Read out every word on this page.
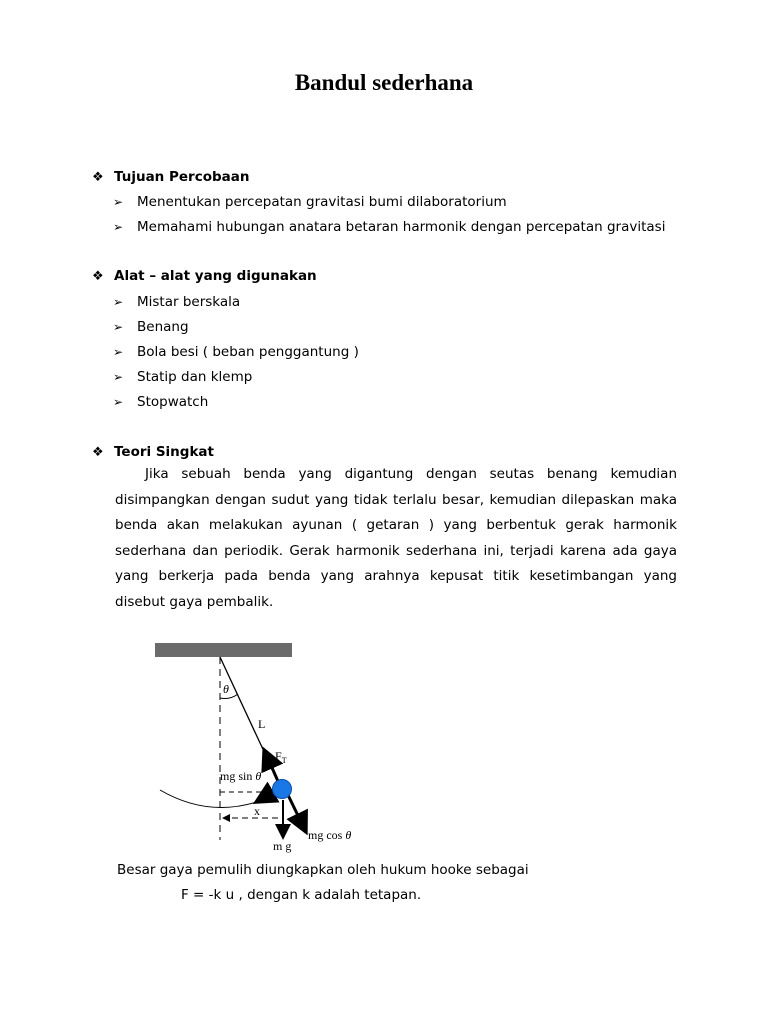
Bandul sederhana
❖ Tujuan Percobaan
➢	Menentukan percepatan gravitasi bumi dilaboratorium
➢	Memahami hubungan anatara betaran harmonik dengan percepatan gravitasi
❖ Alat – alat yang digunakan
➢	Mistar berskala
➢	Benang
➢	Bola besi ( beban penggantung )
➢	Statip dan klemp
➢	Stopwatch
❖ Teori Singkat
Jika sebuah benda yang digantung dengan seutas benang kemudian
disimpangkan dengan sudut yang tidak terlalu besar, kemudian dilepaskan maka
benda akan melakukan ayunan ( getaran ) yang berbentuk gerak harmonik
sederhana dan periodik. Gerak harmonik sederhana ini, terjadi karena ada gaya
yang berkerja pada benda yang arahnya kepusat titik kesetimbangan yang
disebut gaya pembalik.
θ
L
$F_T$
mg sin θ
x
m g
mg cos θ
Besar gaya pemulih diungkapkan oleh hukum hooke sebagai
F = -k u , dengan k adalah tetapan.
